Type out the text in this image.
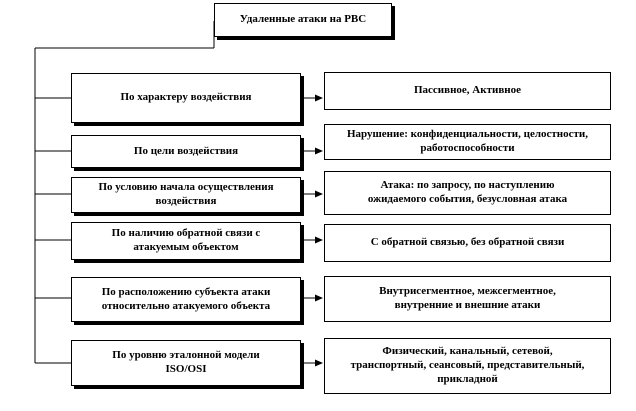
Удаленные атаки на РВС
По характеру воздействия
По цели воздействия
По условию начала осуществления
воздействия
По наличию обратной связи с
атакуемым объектом
По расположению субъекта атаки
относительно атакуемого объекта
По уровню эталонной модели
ISO/OSI
Пассивное, Активное
Нарушение: конфиденциальности, целостности,
работоспособности
Атака: по запросу, по наступлению
ожидаемого события, безусловная атака
С обратной связью, без обратной связи
Внутрисегментное, межсегментное,
внутренние и внешние атаки
Физический, канальный, сетевой,
транспортный, сеансовый, представительный,
прикладной
